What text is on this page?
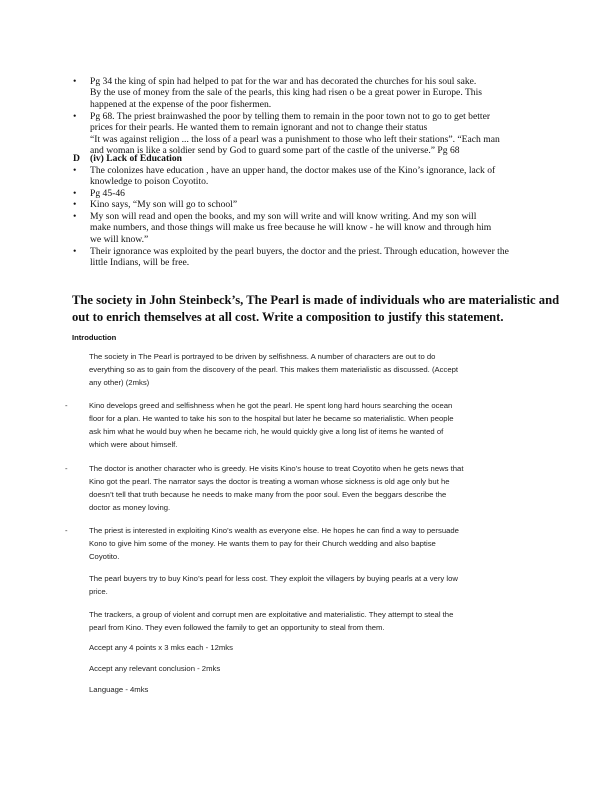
• Pg 34 the king of spin had helped to pat for the war and has decorated the churches for his soul sake.
By the use of money from the sale of the pearls, this king had risen o be a great power in Europe. This
happened at the expense of the poor fishermen.
• Pg 68. The priest brainwashed the poor by telling them to remain in the poor town not to go to get better
prices for their pearls. He wanted them to remain ignorant and not to change their status
“It was against religion ... the loss of a pearl was a punishment to those who left their stations”. “Each man
and woman is like a soldier send by God to guard some part of the castle of the universe.” Pg 68
• The colonizes have education , have an upper hand, the doctor makes use of the Kino’s ignorance, lack of
knowledge to poison Coyotito.
• Pg 45-46
• Kino says, “My son will go to school”
• My son will read and open the books, and my son will write and will know writing. And my son will
make numbers, and those things will make us free because he will know - he will know and through him
we will know.”
• Their ignorance was exploited by the pearl buyers, the doctor and the priest. Through education, however the
little Indians, will be free.
D (iv) Lack of Education
The society in John Steinbeck’s, The Pearl is made of individuals who are materialistic and
out to enrich themselves at all cost. Write a composition to justify this statement.
Introduction
The society in The Pearl is portrayed to be driven by selfishness. A number of characters are out to do
everything so as to gain from the discovery of the pearl. This makes them materialistic as discussed. (Accept
any other) (2mks)
-	Kino develops greed and selfishness when he got the pearl. He spent long hard hours searching the ocean
floor for a plan. He wanted to take his son to the hospital but later he became so materialistic. When people
ask him what he would buy when he became rich, he would quickly give a long list of items he wanted of
which were about himself.
-	The doctor is another character who is greedy. He visits Kino’s house to treat Coyotito when he gets news that
Kino got the pearl. The narrator says the doctor is treating a woman whose sickness is old age only but he
doesn’t tell that truth because he needs to make many from the poor soul. Even the beggars describe the
doctor as money loving.
-	The priest is interested in exploiting Kino’s wealth as everyone else. He hopes he can find a way to persuade
Kono to give him some of the money. He wants them to pay for their Church wedding and also baptise
Coyotito.
The pearl buyers try to buy Kino’s pearl for less cost. They exploit the villagers by buying pearls at a very low
price.
The trackers, a group of violent and corrupt men are exploitative and materialistic. They attempt to steal the
pearl from Kino. They even followed the family to get an opportunity to steal from them.
Accept any 4 points x 3 mks each - 12mks
Accept any relevant conclusion - 2mks
Language - 4mks
